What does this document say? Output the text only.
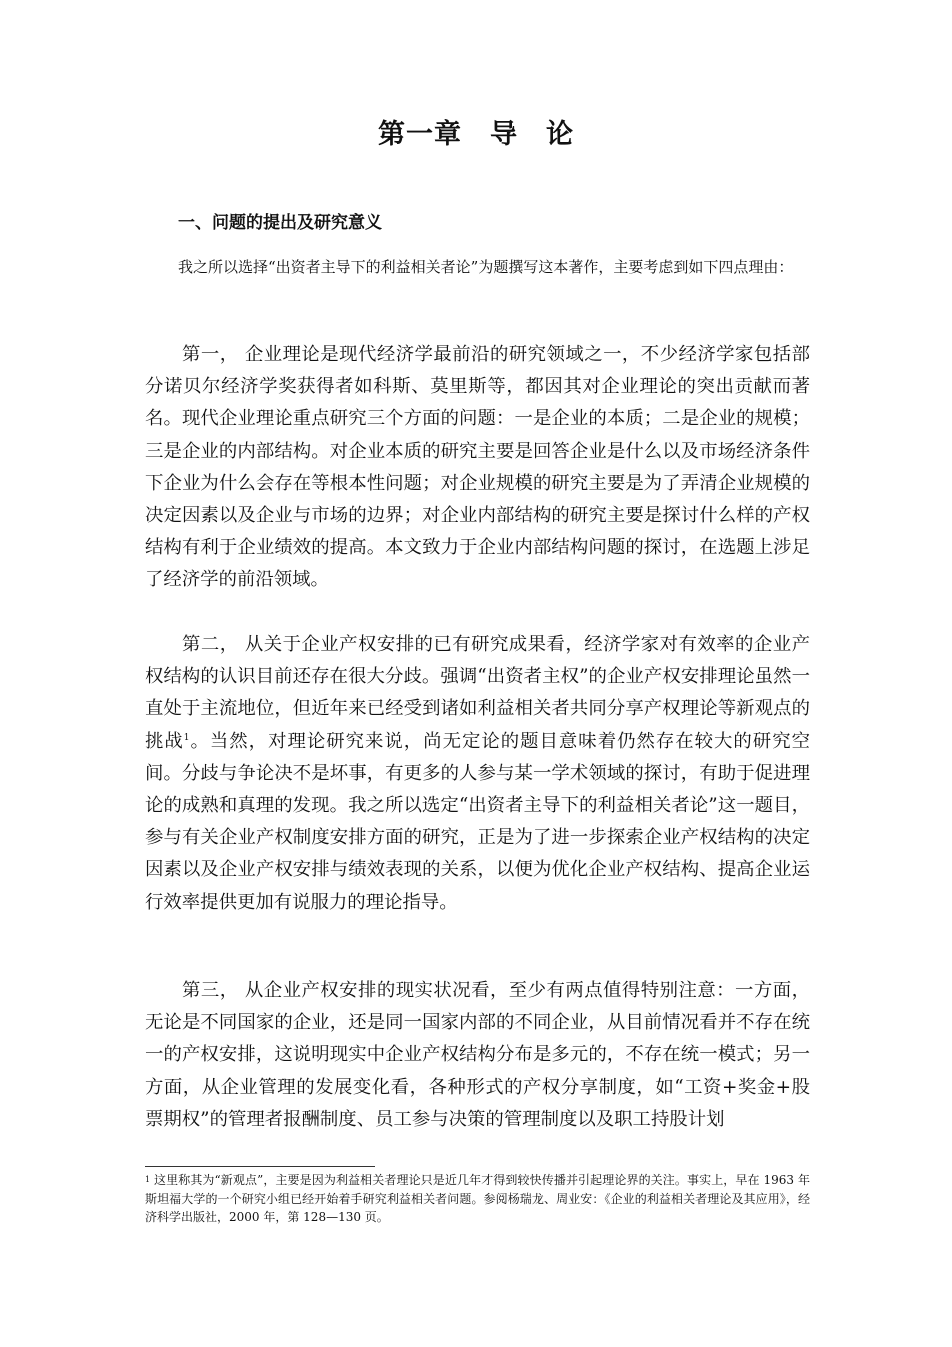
第一章　导　论
一、问题的提出及研究意义

我之所以选择“出资者主导下的利益相关者论”为题撰写这本著作，主要考虑到如下四点理由：

第一， 企业理论是现代经济学最前沿的研究领域之一，不少经济学家包括部分诺贝尔经济学奖获得者如科斯、莫里斯等，都因其对企业理论的突出贡献而著名。现代企业理论重点研究三个方面的问题：一是企业的本质；二是企业的规模；三是企业的内部结构。对企业本质的研究主要是回答企业是什么以及市场经济条件下企业为什么会存在等根本性问题；对企业规模的研究主要是为了弄清企业规模的决定因素以及企业与市场的边界；对企业内部结构的研究主要是探讨什么样的产权结构有利于企业绩效的提高。本文致力于企业内部结构问题的探讨，在选题上涉足了经济学的前沿领域。

第二， 从关于企业产权安排的已有研究成果看，经济学家对有效率的企业产权结构的认识目前还存在很大分歧。强调“出资者主权”的企业产权安排理论虽然一直处于主流地位，但近年来已经受到诸如利益相关者共同分享产权理论等新观点的挑战$^1$。当然，对理论研究来说，尚无定论的题目意味着仍然存在较大的研究空间。分歧与争论决不是坏事，有更多的人参与某一学术领域的探讨，有助于促进理论的成熟和真理的发现。我之所以选定“出资者主导下的利益相关者论”这一题目，参与有关企业产权制度安排方面的研究，正是为了进一步探索企业产权结构的决定因素以及企业产权安排与绩效表现的关系，以便为优化企业产权结构、提高企业运行效率提供更加有说服力的理论指导。

第三， 从企业产权安排的现实状况看，至少有两点值得特别注意：一方面，无论是不同国家的企业，还是同一国家内部的不同企业，从目前情况看并不存在统一的产权安排，这说明现实中企业产权结构分布是多元的，不存在统一模式；另一方面，从企业管理的发展变化看，各种形式的产权分享制度，如“工资+奖金+股票期权”的管理者报酬制度、员工参与决策的管理制度以及职工持股计划

$^1$ 这里称其为“新观点”，主要是因为利益相关者理论只是近几年才得到较快传播并引起理论界的关注。事实上，早在 1963 年斯坦福大学的一个研究小组已经开始着手研究利益相关者问题。参阅杨瑞龙、周业安：《企业的利益相关者理论及其应用》，经济科学出版社，2000 年，第 128—130 页。
